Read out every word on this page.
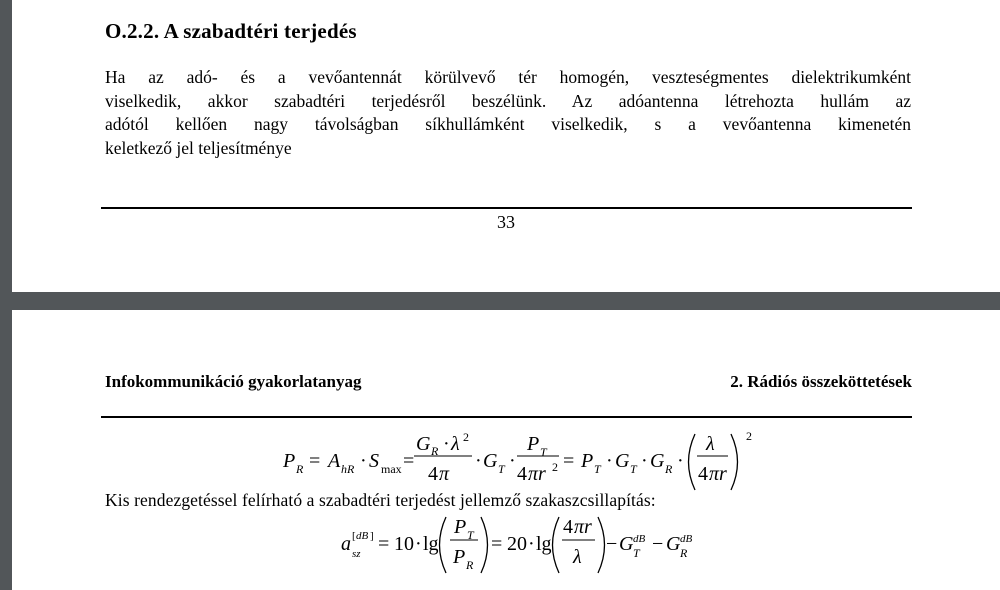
O.2.2. A szabadtéri terjedés
Ha az adó- és a vevőantennát körülvevő tér homogén, veszteségmentes dielektrikumként
viselkedik, akkor szabadtéri terjedésről beszélünk. Az adóantenna létrehozta hullám az
adótól kellően nagy távolságban síkhullámként viselkedik, s a vevőantenna kimenetén
keletkező jel teljesítménye
33
Infokommunikáció gyakorlatanyag	2. Rádiós összeköttetések
P R = A hR · S max =
G R · λ 2
4 π
· G T ·
P T
4 πr 2 = P T · G T · G R ·
λ
4 πr
2
a [ dB ]
sz = 10 · lg
P T
P R
= 20 · lg
4 πr
λ
− G dB
T − G dB
R
Kis rendezgetéssel felírható a szabadtéri terjedést jellemző szakaszcsillapítás:
